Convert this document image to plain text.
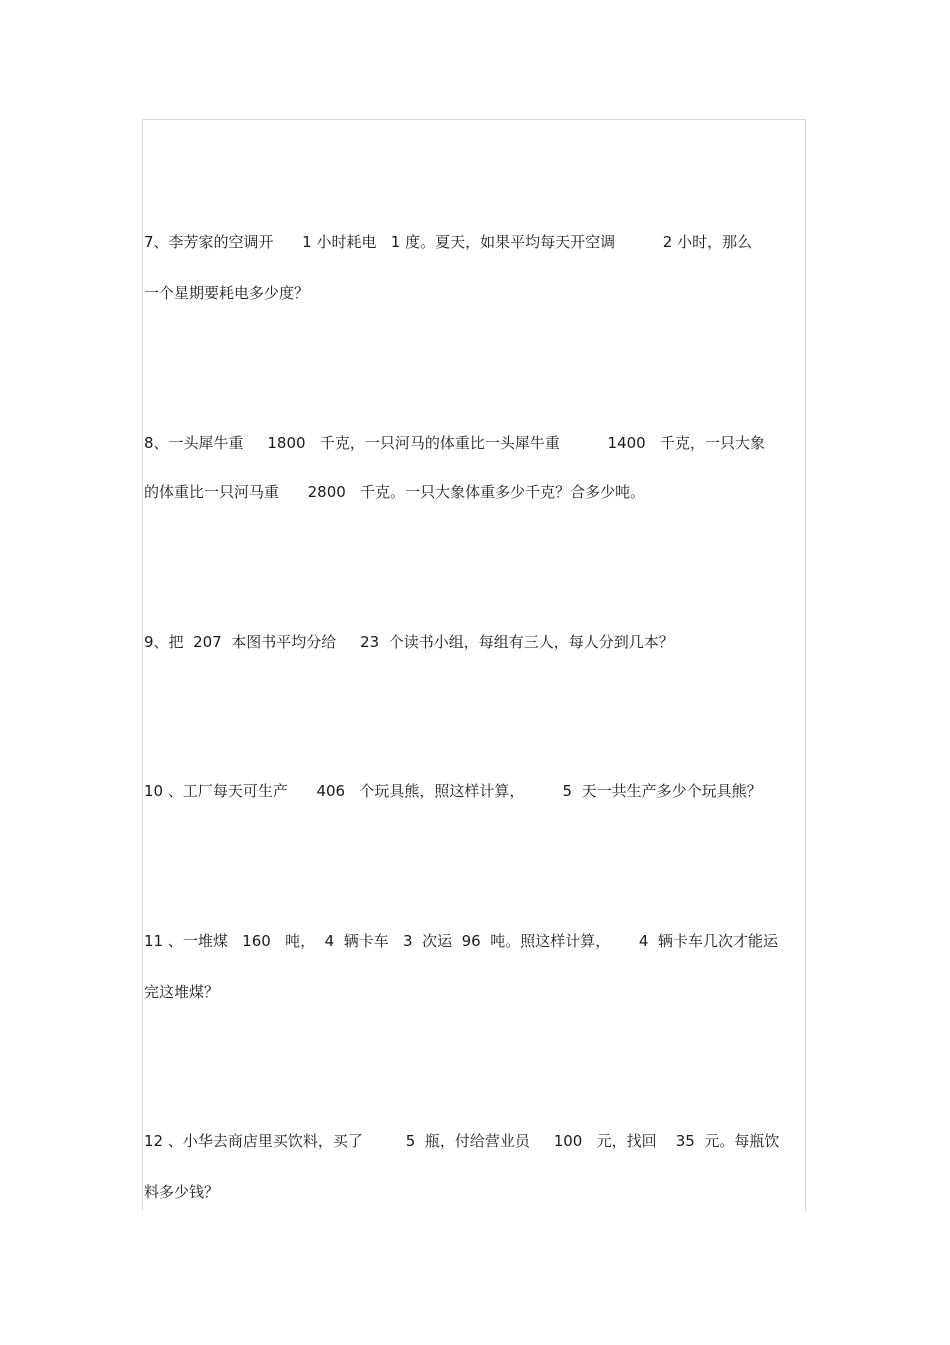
7、李芳家的空调开      1 小时耗电   1 度。夏天，如果平均每天开空调          2 小时，那么
一个星期要耗电多少度？
8、一头犀牛重     1800   千克，一只河马的体重比一头犀牛重          1400   千克，一只大象
的体重比一只河马重      2800   千克。一只大象体重多少千克？合多少吨。
9、把  207  本图书平均分给     23  个读书小组，每组有三人，每人分到几本？
10 、工厂每天可生产      406   个玩具熊，照这样计算，        5  天一共生产多少个玩具熊？
11 、一堆煤   160   吨，  4  辆卡车   3  次运  96  吨。照这样计算，      4  辆卡车几次才能运
完这堆煤？
12 、小华去商店里买饮料，买了         5  瓶，付给营业员     100   元，找回    35  元。每瓶饮
料多少钱？
